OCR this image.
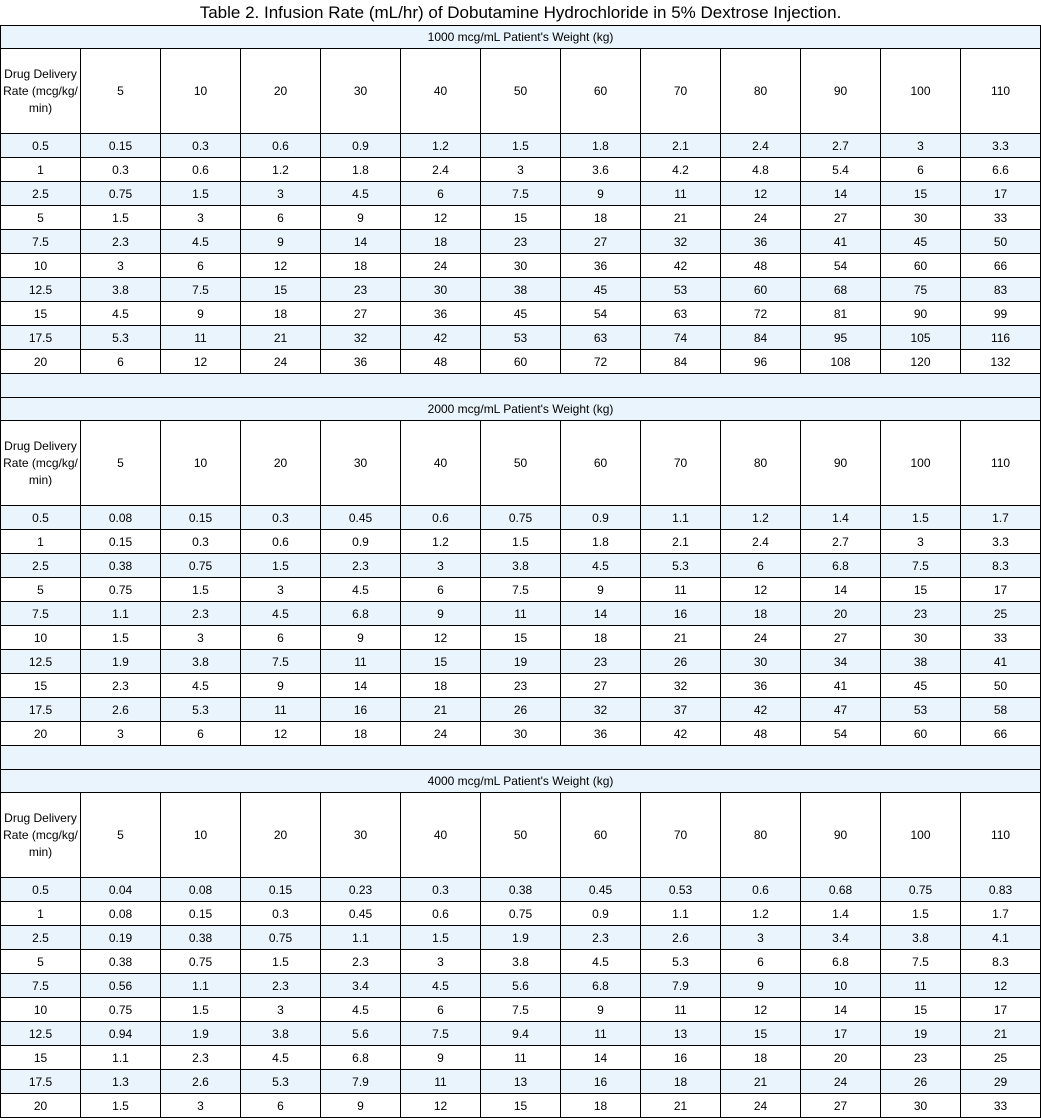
Table 2. Infusion Rate (mL/hr) of Dobutamine Hydrochloride in 5% Dextrose Injection.
1000 mcg/mL Patient's Weight (kg)												
Drug Delivery Rate (mcg/kg/min)	5	10	20	30	40	50	60	70	80	90	100	110
0.5	0.15	0.3	0.6	0.9	1.2	1.5	1.8	2.1	2.4	2.7	3	3.3
1	0.3	0.6	1.2	1.8	2.4	3	3.6	4.2	4.8	5.4	6	6.6
2.5	0.75	1.5	3	4.5	6	7.5	9	11	12	14	15	17
5	1.5	3	6	9	12	15	18	21	24	27	30	33
7.5	2.3	4.5	9	14	18	23	27	32	36	41	45	50
10	3	6	12	18	24	30	36	42	48	54	60	66
12.5	3.8	7.5	15	23	30	38	45	53	60	68	75	83
15	4.5	9	18	27	36	45	54	63	72	81	90	99
17.5	5.3	11	21	32	42	53	63	74	84	95	105	116
20	6	12	24	36	48	60	72	84	96	108	120	132

2000 mcg/mL Patient's Weight (kg)												
Drug Delivery Rate (mcg/kg/min)	5	10	20	30	40	50	60	70	80	90	100	110
0.5	0.08	0.15	0.3	0.45	0.6	0.75	0.9	1.1	1.2	1.4	1.5	1.7
1	0.15	0.3	0.6	0.9	1.2	1.5	1.8	2.1	2.4	2.7	3	3.3
2.5	0.38	0.75	1.5	2.3	3	3.8	4.5	5.3	6	6.8	7.5	8.3
5	0.75	1.5	3	4.5	6	7.5	9	11	12	14	15	17
7.5	1.1	2.3	4.5	6.8	9	11	14	16	18	20	23	25
10	1.5	3	6	9	12	15	18	21	24	27	30	33
12.5	1.9	3.8	7.5	11	15	19	23	26	30	34	38	41
15	2.3	4.5	9	14	18	23	27	32	36	41	45	50
17.5	2.6	5.3	11	16	21	26	32	37	42	47	53	58
20	3	6	12	18	24	30	36	42	48	54	60	66

4000 mcg/mL Patient's Weight (kg)												
Drug Delivery Rate (mcg/kg/min)	5	10	20	30	40	50	60	70	80	90	100	110
0.5	0.04	0.08	0.15	0.23	0.3	0.38	0.45	0.53	0.6	0.68	0.75	0.83
1	0.08	0.15	0.3	0.45	0.6	0.75	0.9	1.1	1.2	1.4	1.5	1.7
2.5	0.19	0.38	0.75	1.1	1.5	1.9	2.3	2.6	3	3.4	3.8	4.1
5	0.38	0.75	1.5	2.3	3	3.8	4.5	5.3	6	6.8	7.5	8.3
7.5	0.56	1.1	2.3	3.4	4.5	5.6	6.8	7.9	9	10	11	12
10	0.75	1.5	3	4.5	6	7.5	9	11	12	14	15	17
12.5	0.94	1.9	3.8	5.6	7.5	9.4	11	13	15	17	19	21
15	1.1	2.3	4.5	6.8	9	11	14	16	18	20	23	25
17.5	1.3	2.6	5.3	7.9	11	13	16	18	21	24	26	29
20	1.5	3	6	9	12	15	18	21	24	27	30	33
